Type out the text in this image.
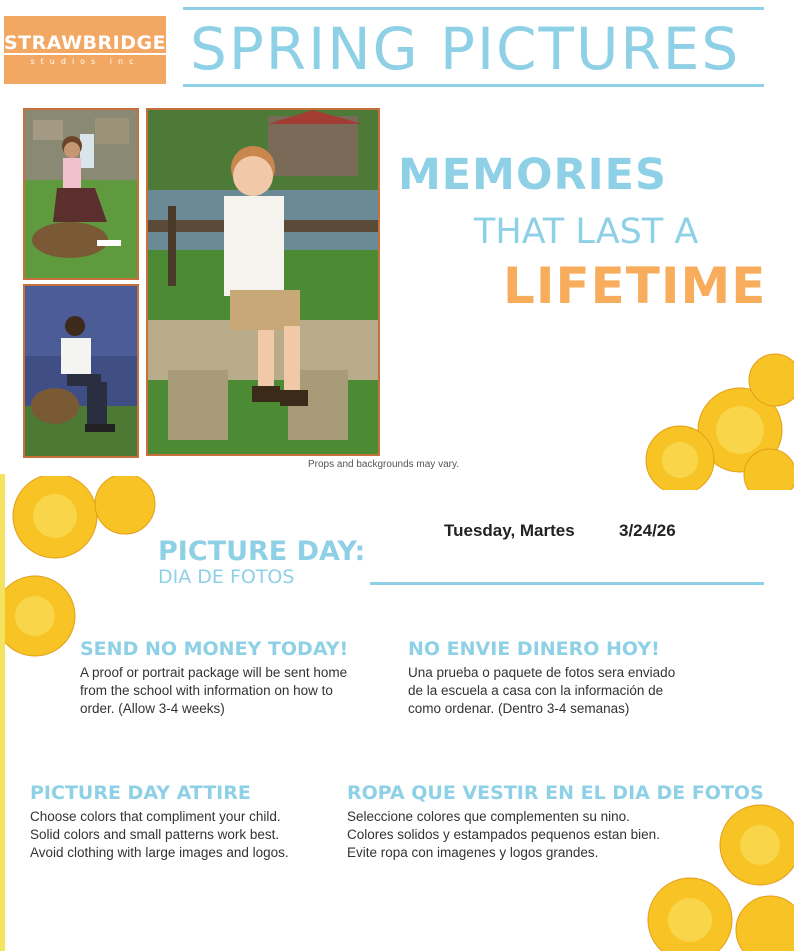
STRAWBRIDGE
studios inc SPRING PICTURES
Props and backgrounds may vary.
MEMORIES
THAT LAST A
LIFETIME
Tuesday, Martes	3/24/26
PICTURE DAY:
DIA DE FOTOS
SEND NO MONEY TODAY!
A proof or portrait package will be sent home
from the school with information on how to
order. (Allow 3-4 weeks)
NO ENVIE DINERO HOY!
Una prueba o paquete de fotos sera enviado
de la escuela a casa con la información de
como ordenar. (Dentro 3-4 semanas)
PICTURE DAY ATTIRE
Choose colors that compliment your child.
Solid colors and small patterns work best.
Avoid clothing with large images and logos.
ROPA QUE VESTIR EN EL DIA DE FOTOS
Seleccione colores que complementen su nino.
Colores solidos y estampados pequenos estan bien.
Evite ropa con imagenes y logos grandes.
